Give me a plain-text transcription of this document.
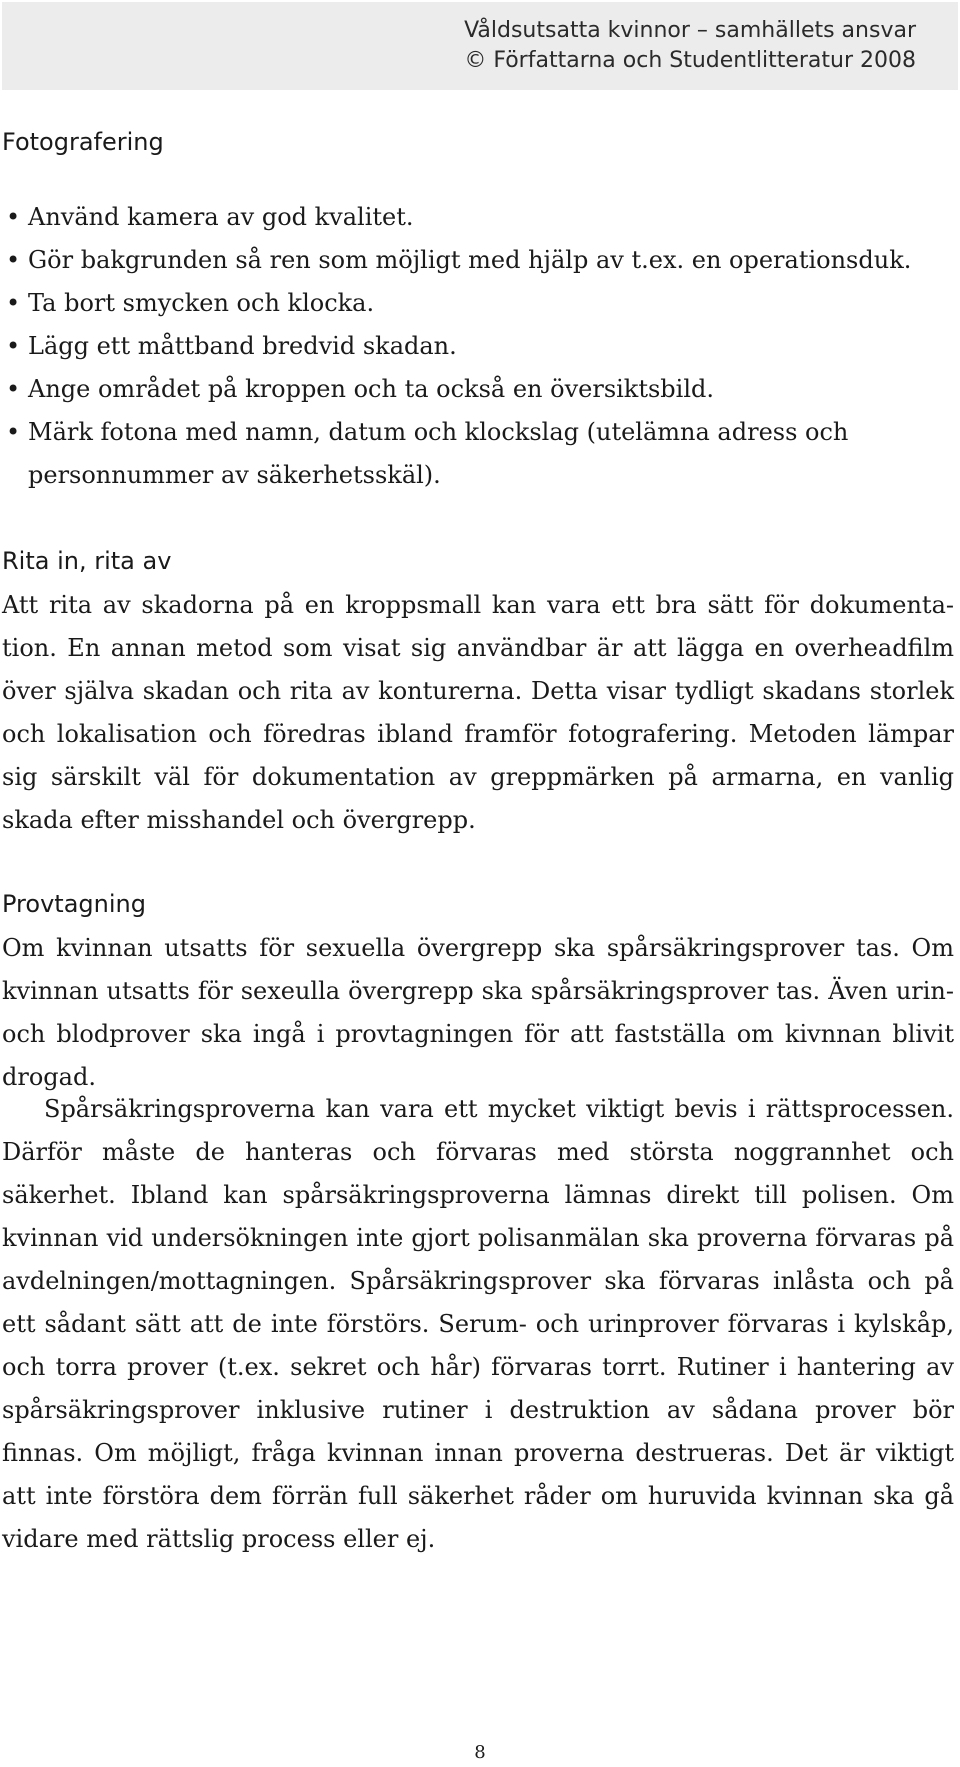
Våldsutsatta kvinnor – samhällets ansvar
© Författarna och Studentlitteratur 2008
Fotografering
• Använd kamera av god kvalitet.
• Gör bakgrunden så ren som möjligt med hjälp av t.ex. en operationsduk.
• Ta bort smycken och klocka.
• Lägg ett måttband bredvid skadan.
• Ange området på kroppen och ta också en översiktsbild.
• Märk fotona med namn, datum och klockslag (utelämna adress och personnummer av säkerhetsskäl).
Rita in, rita av

Att rita av skadorna på en kroppsmall kan vara ett bra sätt för dokumentation. En annan metod som visat sig användbar är att lägga en overheadfilm över själva skadan och rita av konturerna. Detta visar tydligt skadans storlek och lokalisation och föredras ibland framför fotografering. Metoden lämpar sig särskilt väl för dokumentation av greppmärken på armarna, en vanlig skada efter misshandel och övergrepp.

Provtagning

Om kvinnan utsatts för sexuella övergrepp ska spårsäkringsprover tas. Om kvinnan utsatts för sexeulla övergrepp ska spårsäkringsprover tas. Även urin- och blodprover ska ingå i provtagningen för att fastställa om kivnnan blivit drogad.

Spårsäkringsproverna kan vara ett mycket viktigt bevis i rättsprocessen. Därför måste de hanteras och förvaras med största noggrannhet och säkerhet. Ibland kan spårsäkringsproverna lämnas direkt till polisen. Om kvinnan vid undersökningen inte gjort polisanmälan ska proverna förvaras på avdelningen/mottagningen. Spårsäkringsprover ska förvaras inlåsta och på ett sådant sätt att de inte förstörs. Serum- och urinprover förvaras i kylskåp, och torra prover (t.ex. sekret och hår) förvaras torrt. Rutiner i hantering av spårsäkringsprover inklusive rutiner i destruktion av sådana prover bör finnas. Om möjligt, fråga kvinnan innan proverna destrueras. Det är viktigt att inte förstöra dem förrän full säkerhet råder om huruvida kvinnan ska gå vidare med rättslig process eller ej.

8
